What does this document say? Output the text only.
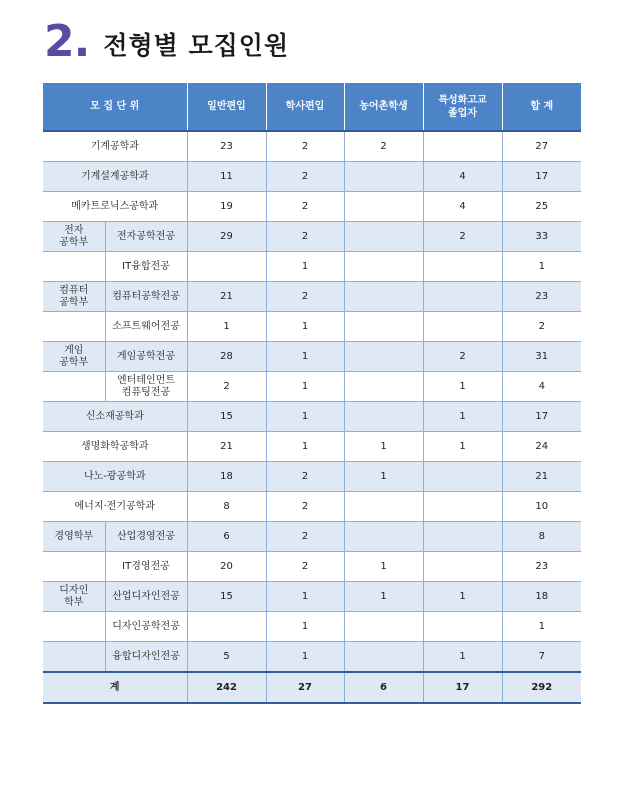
2. 전형별 모집인원
모 집 단 위		일반편입	학사편입	농어촌학생	특성화고교
졸업자	합 계
기계공학과		23	2	2		27
기계설계공학과		11	2		4	17
메카트로닉스공학과		19	2		4	25
전자
공학부	전자공학전공	29	2		2	33
	IT융합전공		1			1
컴퓨터
공학부	컴퓨터공학전공	21	2			23
	소프트웨어전공	1	1			2
게임
공학부	게임공학전공	28	1		2	31
	엔터테인먼트
컴퓨팅전공	2	1		1	4
신소재공학과		15	1		1	17
생명화학공학과		21	1	1	1	24
나노-광공학과		18	2	1		21
에너지·전기공학과		8	2			10
경영학부	산업경영전공	6	2			8
	IT경영전공	20	2	1		23
디자인
학부	산업디자인전공	15	1	1	1	18
	디자인공학전공		1			1
	융합디자인전공	5	1		1	7
계		242	27	6	17	292
